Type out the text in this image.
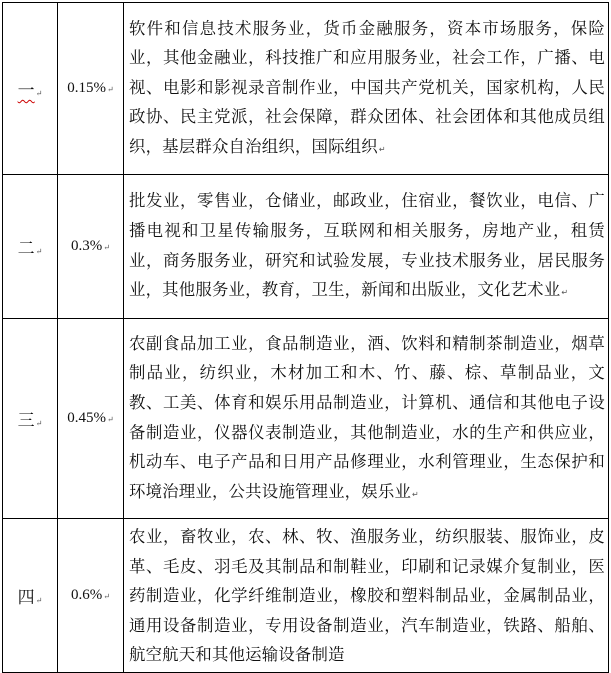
一↵	0.15%↵	软件和信息技术服务业，货币金融服务，资本市场服务，保险业，其他金融业，科技推广和应用服务业，社会工作，广播、电视、电影和影视录音制作业，中国共产党机关，国家机构，人民政协、民主党派，社会保障，群众团体、社会团体和其他成员组织，基层群众自治组织，国际组织↵
二↵	0.3%↵	批发业，零售业，仓储业，邮政业，住宿业，餐饮业，电信、广播电视和卫星传输服务，互联网和相关服务，房地产业，租赁业，商务服务业，研究和试验发展，专业技术服务业，居民服务业，其他服务业，教育，卫生，新闻和出版业，文化艺术业↵
三↵	0.45%↵	农副食品加工业，食品制造业，酒、饮料和精制茶制造业，烟草制品业，纺织业，木材加工和木、竹、藤、棕、草制品业，文教、工美、体育和娱乐用品制造业，计算机、通信和其他电子设备制造业，仪器仪表制造业，其他制造业，水的生产和供应业，机动车、电子产品和日用产品修理业，水利管理业，生态保护和环境治理业，公共设施管理业，娱乐业↵
四↵	0.6%↵	农业，畜牧业，农、林、牧、渔服务业，纺织服装、服饰业，皮革、毛皮、羽毛及其制品和制鞋业，印刷和记录媒介复制业，医药制造业，化学纤维制造业，橡胶和塑料制品业，金属制品业，通用设备制造业，专用设备制造业，汽车制造业，铁路、船舶、航空航天和其他运输设备制造
